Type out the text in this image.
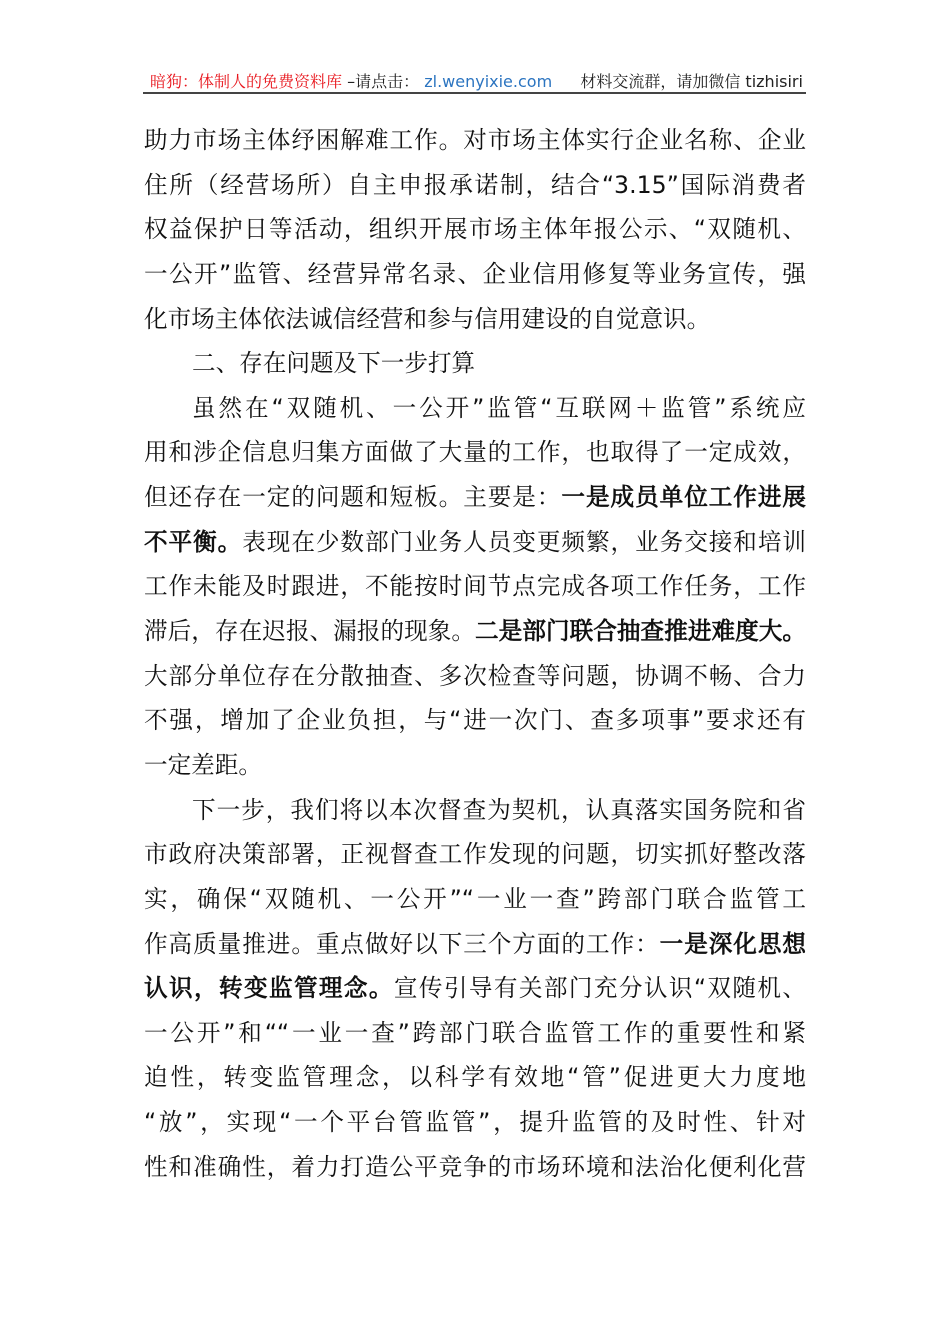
暗狗：体制人的免费资料库 –请点击： zl.wenyixie.com 材料交流群，请加微信 tizhisiri
助力市场主体纾困解难工作。对市场主体实行企业名称、企业
住所（经营场所）自主申报承诺制，结合“3.15”国际消费者
权益保护日等活动，组织开展市场主体年报公示、“双随机、
一公开”监管、经营异常名录、企业信用修复等业务宣传，强
化市场主体依法诚信经营和参与信用建设的自觉意识。
二、存在问题及下一步打算
虽然在“双随机、一公开”监管“互联网＋监管”系统应
用和涉企信息归集方面做了大量的工作，也取得了一定成效，
但还存在一定的问题和短板。主要是：一是成员单位工作进展
不平衡。表现在少数部门业务人员变更频繁，业务交接和培训
工作未能及时跟进，不能按时间节点完成各项工作任务，工作
滞后，存在迟报、漏报的现象。二是部门联合抽查推进难度大。
大部分单位存在分散抽查、多次检查等问题，协调不畅、合力
不强，增加了企业负担，与“进一次门、查多项事”要求还有
一定差距。
下一步，我们将以本次督查为契机，认真落实国务院和省
市政府决策部署，正视督查工作发现的问题，切实抓好整改落
实，确保“双随机、一公开”“一业一查”跨部门联合监管工
作高质量推进。重点做好以下三个方面的工作：一是深化思想
认识，转变监管理念。宣传引导有关部门充分认识“双随机、
一公开”和““一业一查”跨部门联合监管工作的重要性和紧
迫性，转变监管理念，以科学有效地“管”促进更大力度地
“放”，实现“一个平台管监管”，提升监管的及时性、针对
性和准确性，着力打造公平竞争的市场环境和法治化便利化营
